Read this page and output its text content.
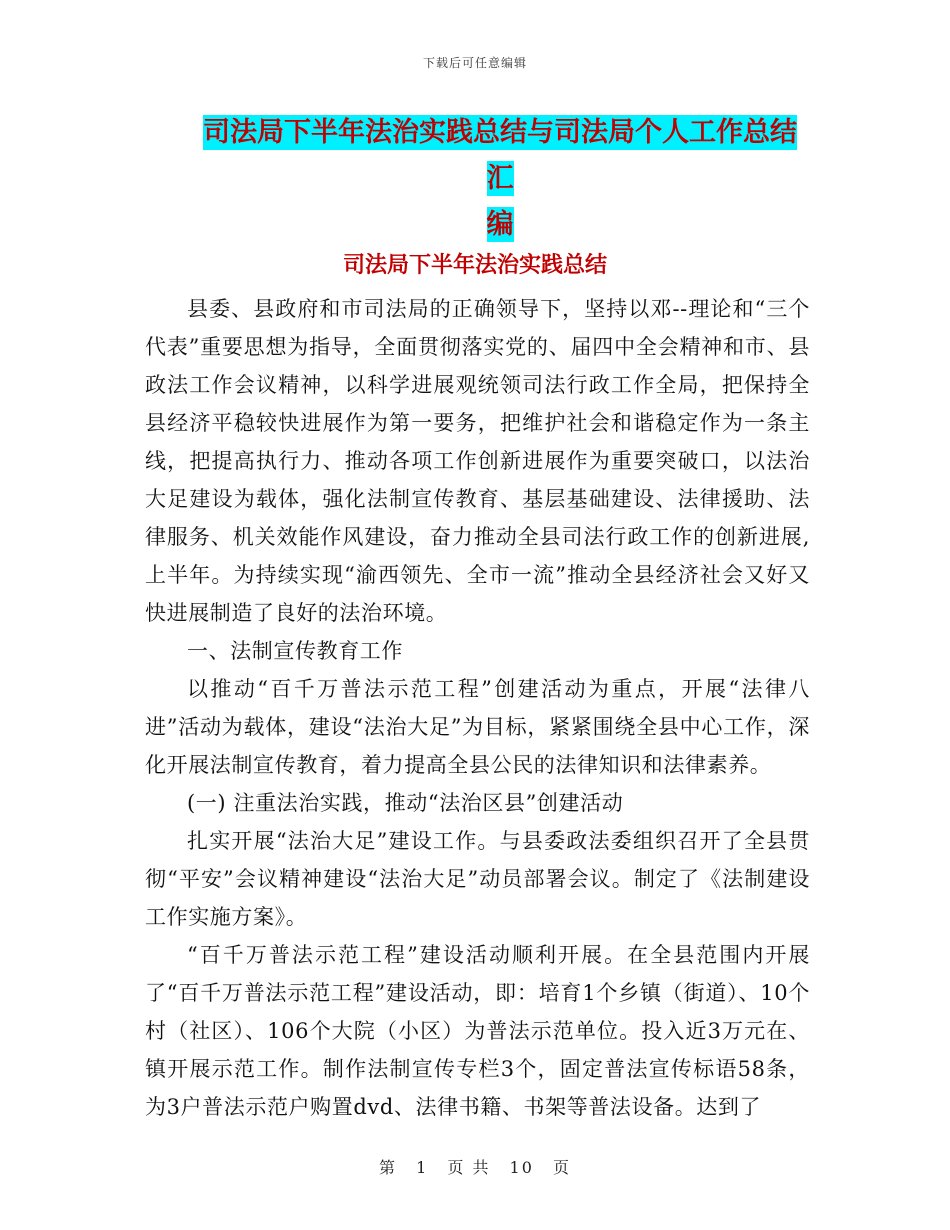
下载后可任意编辑
司法局下半年法治实践总结与司法局个人工作总结汇
编
司法局下半年法治实践总结

县委、县政府和市司法局的正确领导下，坚持以邓--理论和“三个代表”重要思想为指导，全面贯彻落实党的、届四中全会精神和市、县政法工作会议精神，以科学进展观统领司法行政工作全局，把保持全县经济平稳较快进展作为第一要务，把维护社会和谐稳定作为一条主线，把提高执行力、推动各项工作创新进展作为重要突破口，以法治大足建设为载体，强化法制宣传教育、基层基础建设、法律援助、法律服务、机关效能作风建设，奋力推动全县司法行政工作的创新进展,上半年。为持续实现“渝西领先、全市一流”推动全县经济社会又好又快进展制造了良好的法治环境。

一、法制宣传教育工作

以推动“百千万普法示范工程”创建活动为重点，开展“法律八进”活动为载体，建设“法治大足”为目标，紧紧围绕全县中心工作，深化开展法制宣传教育，着力提高全县公民的法律知识和法律素养。

(一) 注重法治实践，推动“法治区县”创建活动

扎实开展“法治大足”建设工作。与县委政法委组织召开了全县贯彻“平安”会议精神建设“法治大足”动员部署会议。制定了《法制建设工作实施方案》。

“百千万普法示范工程”建设活动顺利开展。在全县范围内开展了“百千万普法示范工程”建设活动，即：培育1个乡镇（街道）、10个村（社区）、106个大院（小区）为普法示范单位。投入近3万元在、镇开展示范工作。制作法制宣传专栏3个，固定普法宣传标语58条，为3户普法示范户购置dvd、法律书籍、书架等普法设备。达到了

第 1 页 共 10 页
